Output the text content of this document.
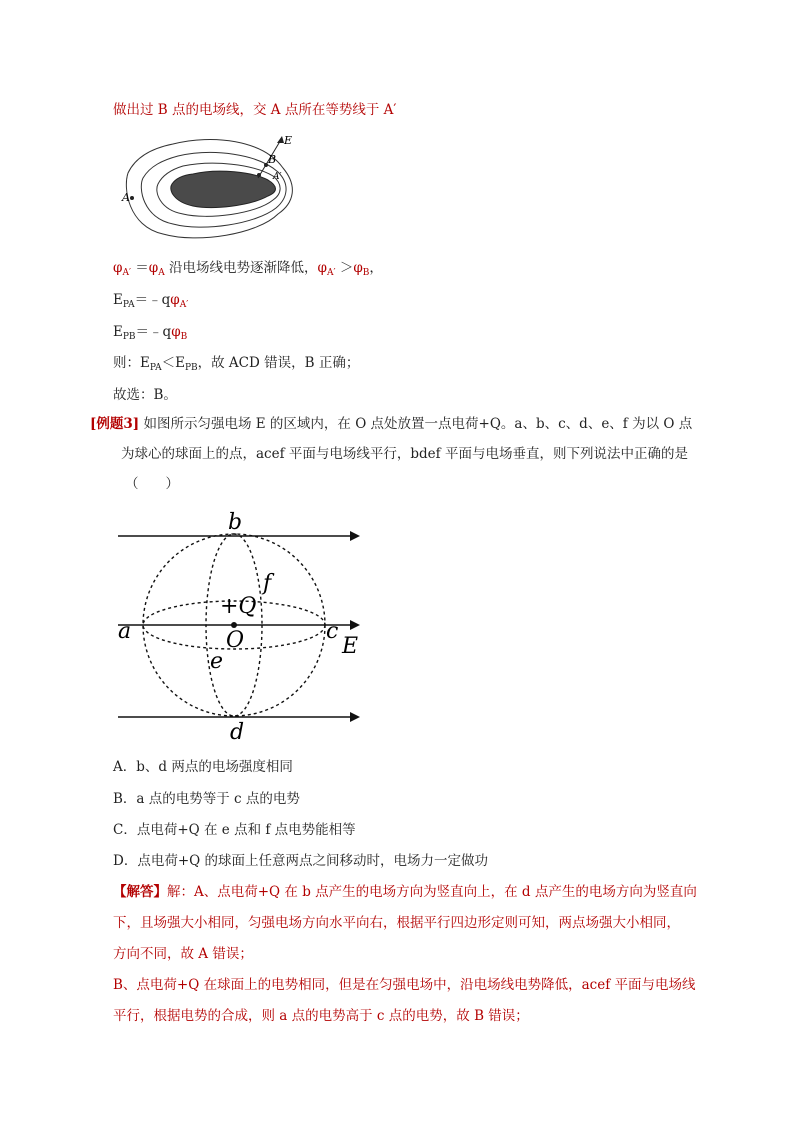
做出过 B 点的电场线，交 A 点所在等势线于 A′
E
B
A′
A
$\varphi_{A'} =\varphi_A$ 沿电场线电势逐渐降低，$\varphi_{A'} >\varphi_B$，
$E_{PA}=﹣q\varphi_{A'}$
$E_{PB}=﹣q\varphi_B$
则：$E_{PA}<E_{PB}$，故 ACD 错误，B 正确；
故选：B。
[例题3] 如图所示匀强电场 E 的区域内，在 O 点处放置一点电荷+Q。a、b、c、d、e、f 为以 O 点
为球心的球面上的点，acef 平面与电场线平行，bdef 平面与电场垂直，则下列说法中正确的是
（　　）
b
d
a	c
f
e
+Q
O	E
A．b、d 两点的电场强度相同
B．a 点的电势等于 c 点的电势
C．点电荷+Q 在 e 点和 f 点电势能相等
D．点电荷+Q 的球面上任意两点之间移动时，电场力一定做功
【解答】解：A、点电荷+Q 在 b 点产生的电场方向为竖直向上，在 d 点产生的电场方向为竖直向
下，且场强大小相同，匀强电场方向水平向右，根据平行四边形定则可知，两点场强大小相同，
方向不同，故 A 错误；
B、点电荷+Q 在球面上的电势相同，但是在匀强电场中，沿电场线电势降低，acef 平面与电场线
平行，根据电势的合成，则 a 点的电势高于 c 点的电势，故 B 错误；
